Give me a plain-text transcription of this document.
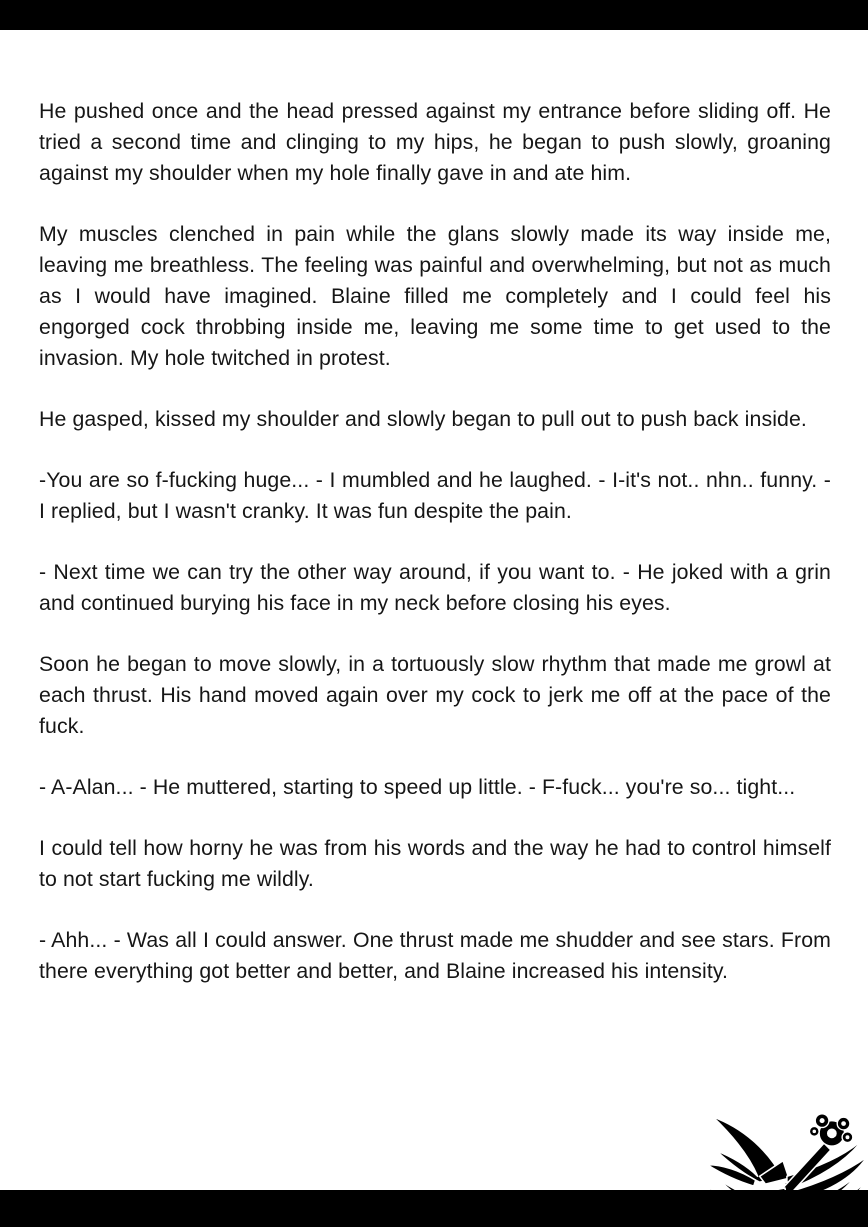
He pushed once and the head pressed against my entrance before sliding off. He tried a second time and clinging to my hips, he began to push slowly, groaning against my shoulder when my hole finally gave in and ate him.

My muscles clenched in pain while the glans slowly made its way inside me, leaving me breathless. The feeling was painful and overwhelming, but not as much as I would have imagined. Blaine filled me completely and I could feel his engorged cock throbbing inside me, leaving me some time to get used to the invasion. My hole twitched in protest.

He gasped, kissed my shoulder and slowly began to pull out to push back inside.

-You are so f-fucking huge... - I mumbled and he laughed. - I-it's not.. nhn.. funny. - I replied, but I wasn't cranky. It was fun despite the pain.

- Next time we can try the other way around, if you want to. - He joked with a grin and continued burying his face in my neck before closing his eyes.

Soon he began to move slowly, in a tortuously slow rhythm that made me growl at each thrust. His hand moved again over my cock to jerk me off at the pace of the fuck.

- A-Alan... - He muttered, starting to speed up little. - F-fuck... you're so... tight...

I could tell how horny he was from his words and the way he had to control himself to not start fucking me wildly.

- Ahh... - Was all I could answer. One thrust made me shudder and see stars. From there everything got better and better, and Blaine increased his intensity.
